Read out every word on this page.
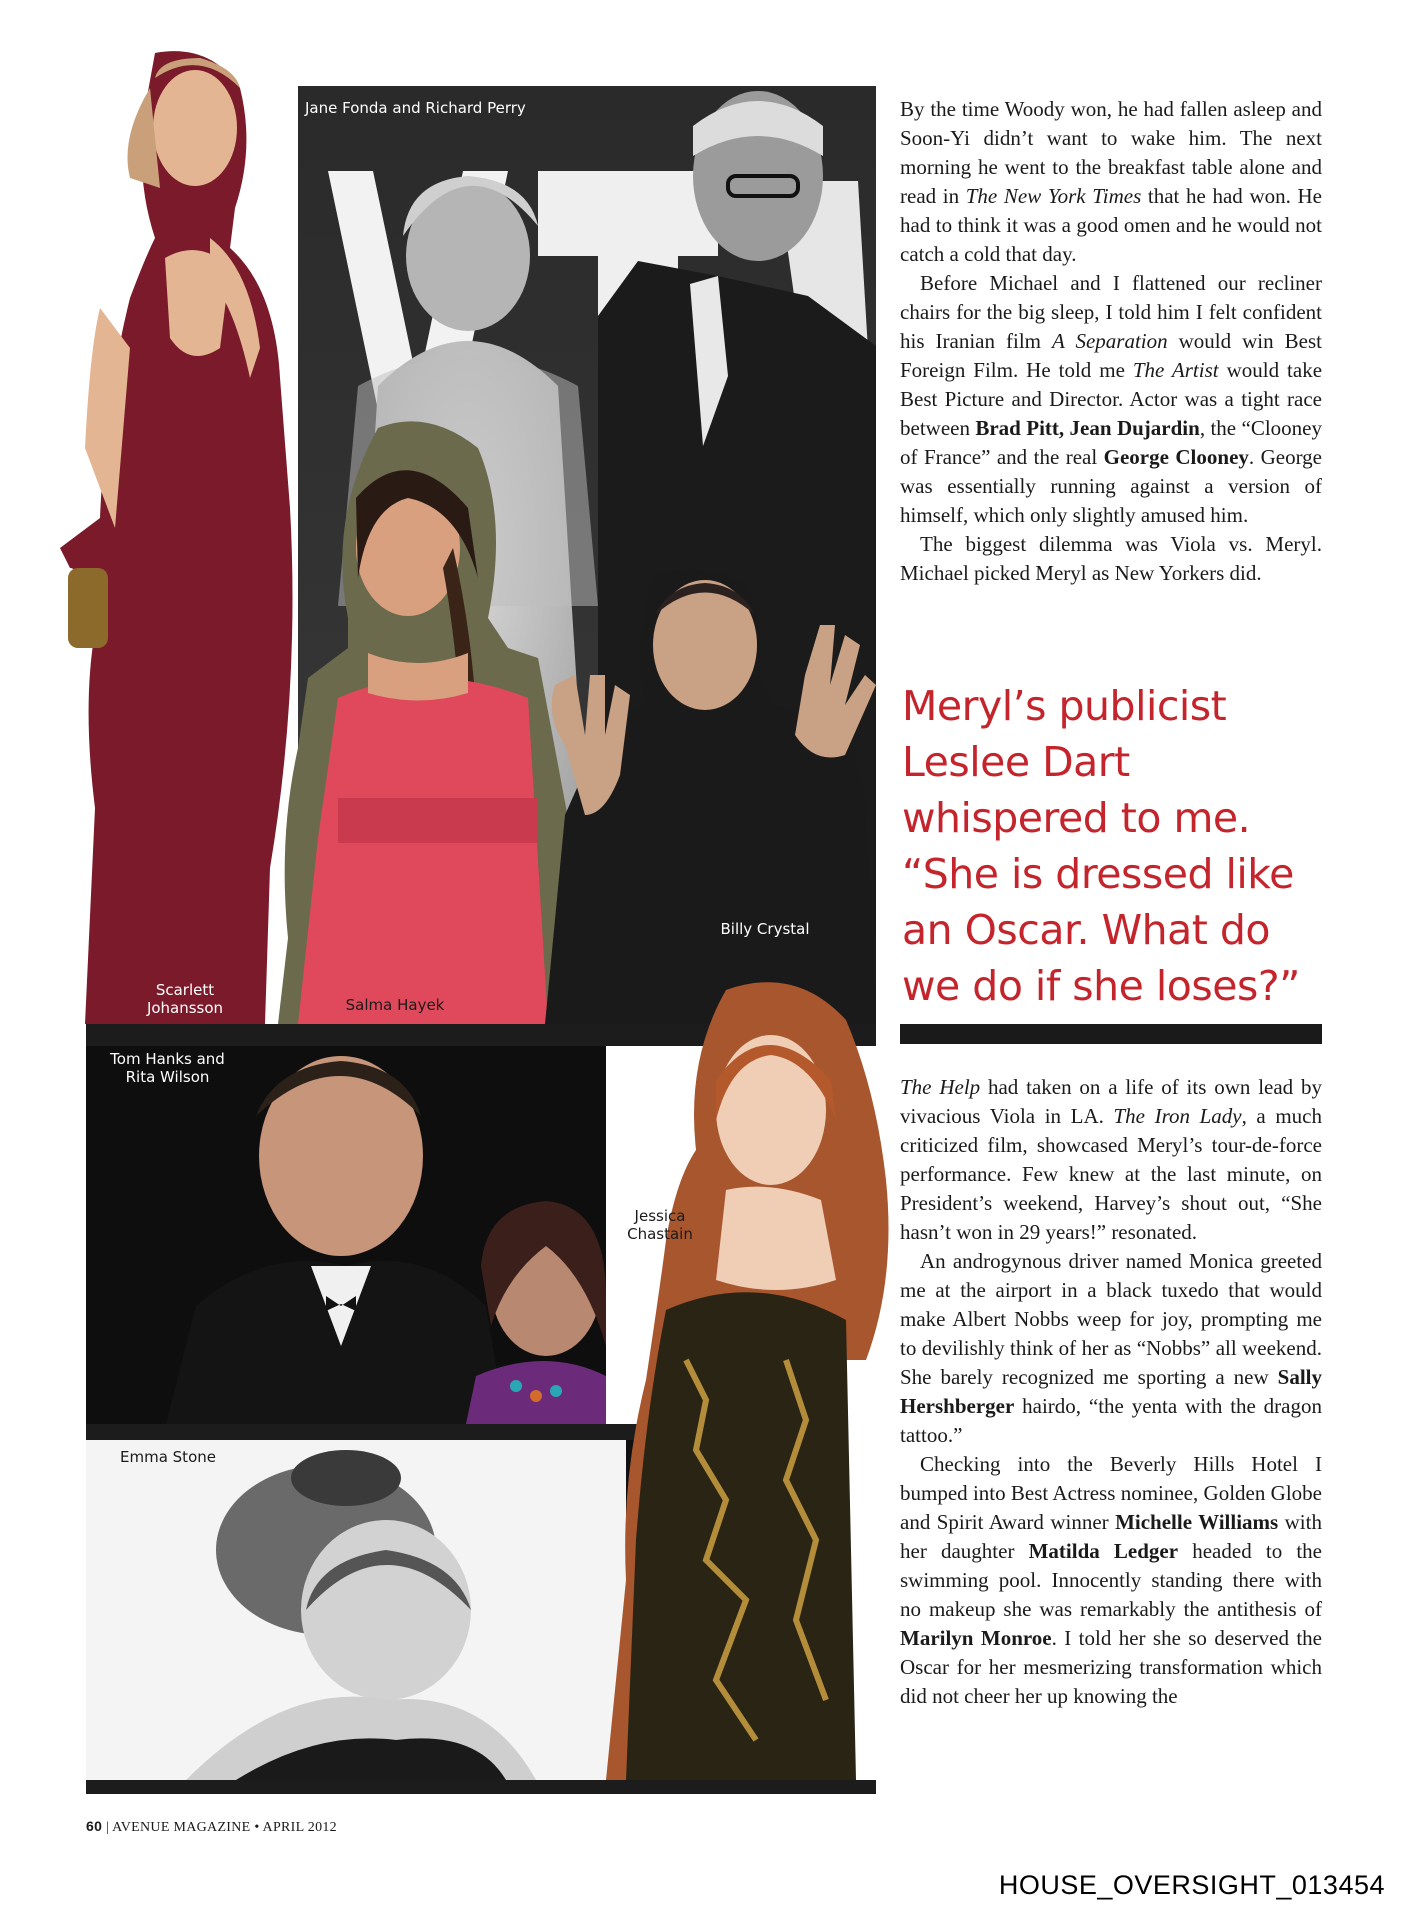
Jane Fonda and Richard Perry
Scarlett
Johansson	Salma Hayek
Billy Crystal
Tom Hanks and
Rita Wilson
Emma Stone
Jessica
Chastain

By the time Woody won, he had fallen asleep and Soon-Yi didn’t want to wake him. The next morning he went to the breakfast table alone and read in The New York Times that he had won. He had to think it was a good omen and he would not catch a cold that day.

Before Michael and I flattened our recliner chairs for the big sleep, I told him I felt confident his Iranian film A Separation would win Best Foreign Film. He told me The Artist would take Best Picture and Director. Actor was a tight race between Brad Pitt, Jean Dujardin, the “Clooney of France” and the real George Clooney. George was essentially running against a version of himself, which only slightly amused him.

The biggest dilemma was Viola vs. Meryl. Michael picked Meryl as New Yorkers did.

Meryl’s publicist Leslee Dart whispered to me. “She is dressed like an Oscar. What do we do if she loses?”

The Help had taken on a life of its own lead by vivacious Viola in LA. The Iron Lady, a much criticized film, showcased Meryl’s tour-de-force performance. Few knew at the last minute, on President’s weekend, Harvey’s shout out, “She hasn’t won in 29 years!” resonated.

An androgynous driver named Monica greeted me at the airport in a black tuxedo that would make Albert Nobbs weep for joy, prompting me to devilishly think of her as “Nobbs” all weekend. She barely recognized me sporting a new Sally Hershberger hairdo, “the yenta with the dragon tattoo.”

Checking into the Beverly Hills Hotel I bumped into Best Actress nominee, Golden Globe and Spirit Award winner Michelle Williams with her daughter Matilda Ledger headed to the swimming pool. Innocently standing there with no makeup she was remarkably the antithesis of Marilyn Monroe. I told her she so deserved the Oscar for her mesmerizing transformation which did not cheer her up knowing the

60 | AVENUE MAGAZINE • APRIL 2012
HOUSE_OVERSIGHT_013454
